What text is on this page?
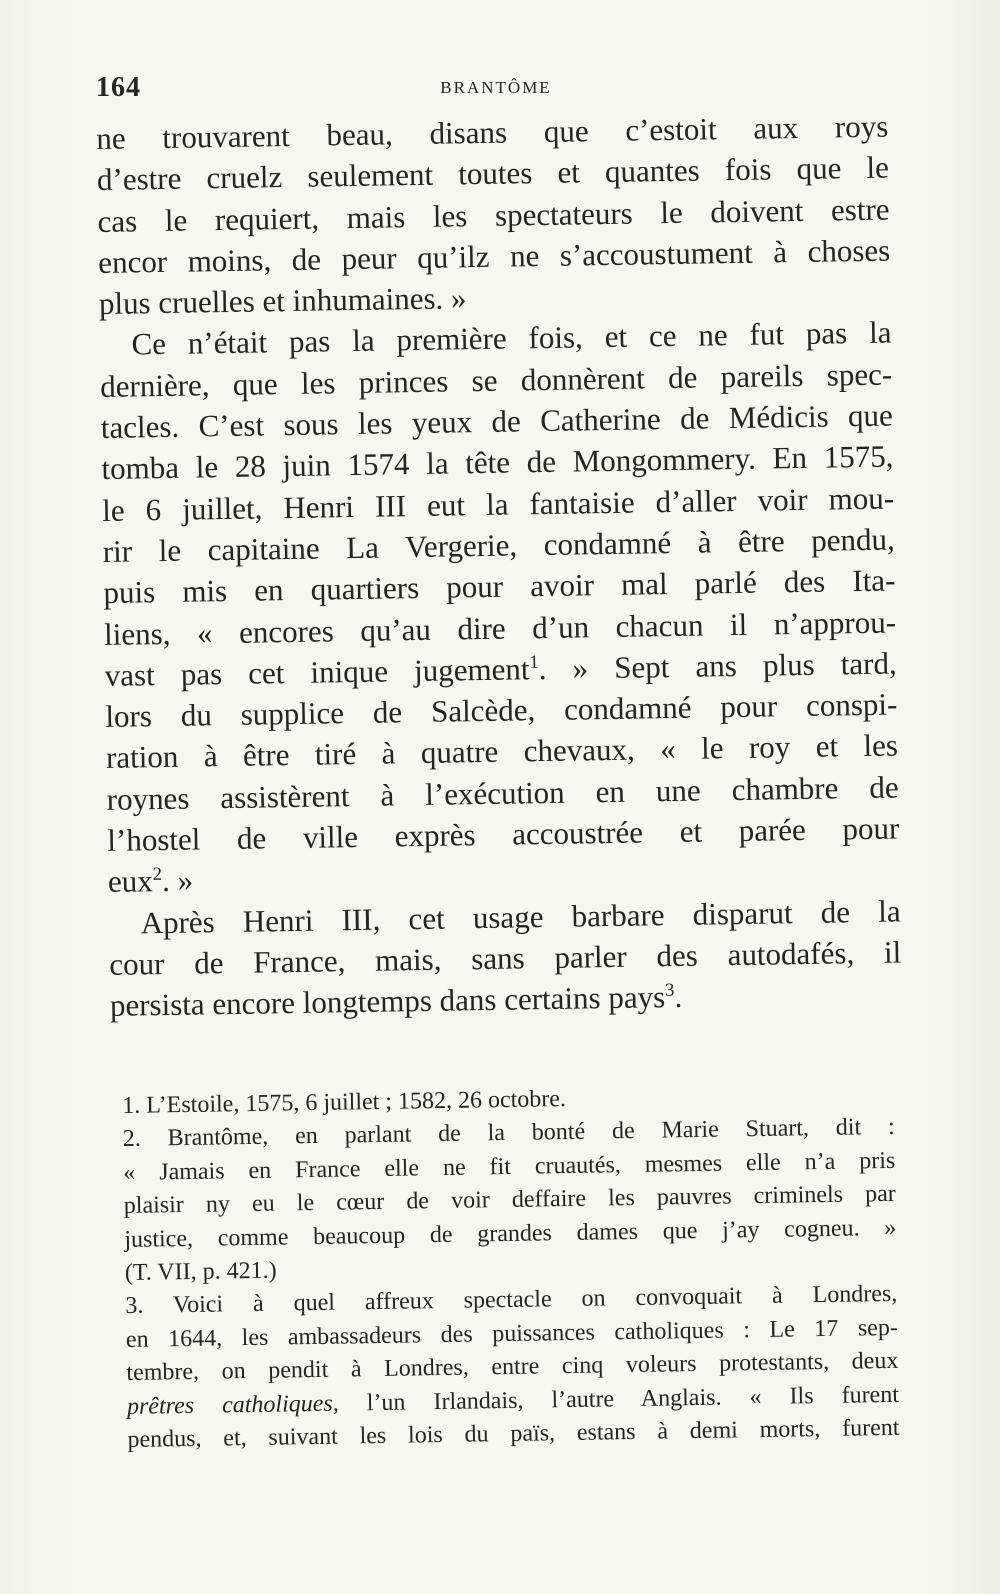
164	BRANTÔME

ne trouvarent beau, disans que c’estoit aux roys
d’estre cruelz seulement toutes et quantes fois que le
cas le requiert, mais les spectateurs le doivent estre
encor moins, de peur qu’ilz ne s’accoustument à choses
plus cruelles et inhumaines. »

Ce n’était pas la première fois, et ce ne fut pas la
dernière, que les princes se donnèrent de pareils spec-
tacles. C’est sous les yeux de Catherine de Médicis que
tomba le 28 juin 1574 la tête de Mongommery. En 1575,
le 6 juillet, Henri III eut la fantaisie d’aller voir mou-
rir le capitaine La Vergerie, condamné à être pendu,
puis mis en quartiers pour avoir mal parlé des Ita-
liens, « encores qu’au dire d’un chacun il n’approu-
vast pas cet inique jugement$^1$. » Sept ans plus tard,
lors du supplice de Salcède, condamné pour conspi-
ration à être tiré à quatre chevaux, « le roy et les
roynes assistèrent à l’exécution en une chambre de
l’hostel de ville exprès accoustrée et parée pour
eux$^2$. »

Après Henri III, cet usage barbare disparut de la
cour de France, mais, sans parler des autodafés, il
persista encore longtemps dans certains pays$^3$.

1. L’Estoile, 1575, 6 juillet ; 1582, 26 octobre.
2. Brantôme, en parlant de la bonté de Marie Stuart, dit :
« Jamais en France elle ne fit cruautés, mesmes elle n’a pris
plaisir ny eu le cœur de voir deffaire les pauvres criminels par
justice, comme beaucoup de grandes dames que j’ay cogneu. »
(T. VII, p. 421.)
3. Voici à quel affreux spectacle on convoquait à Londres,
en 1644, les ambassadeurs des puissances catholiques : Le 17 sep-
tembre, on pendit à Londres, entre cinq voleurs protestants, deux
prêtres catholiques, l’un Irlandais, l’autre Anglais. « Ils furent
pendus, et, suivant les lois du païs, estans à demi morts, furent
